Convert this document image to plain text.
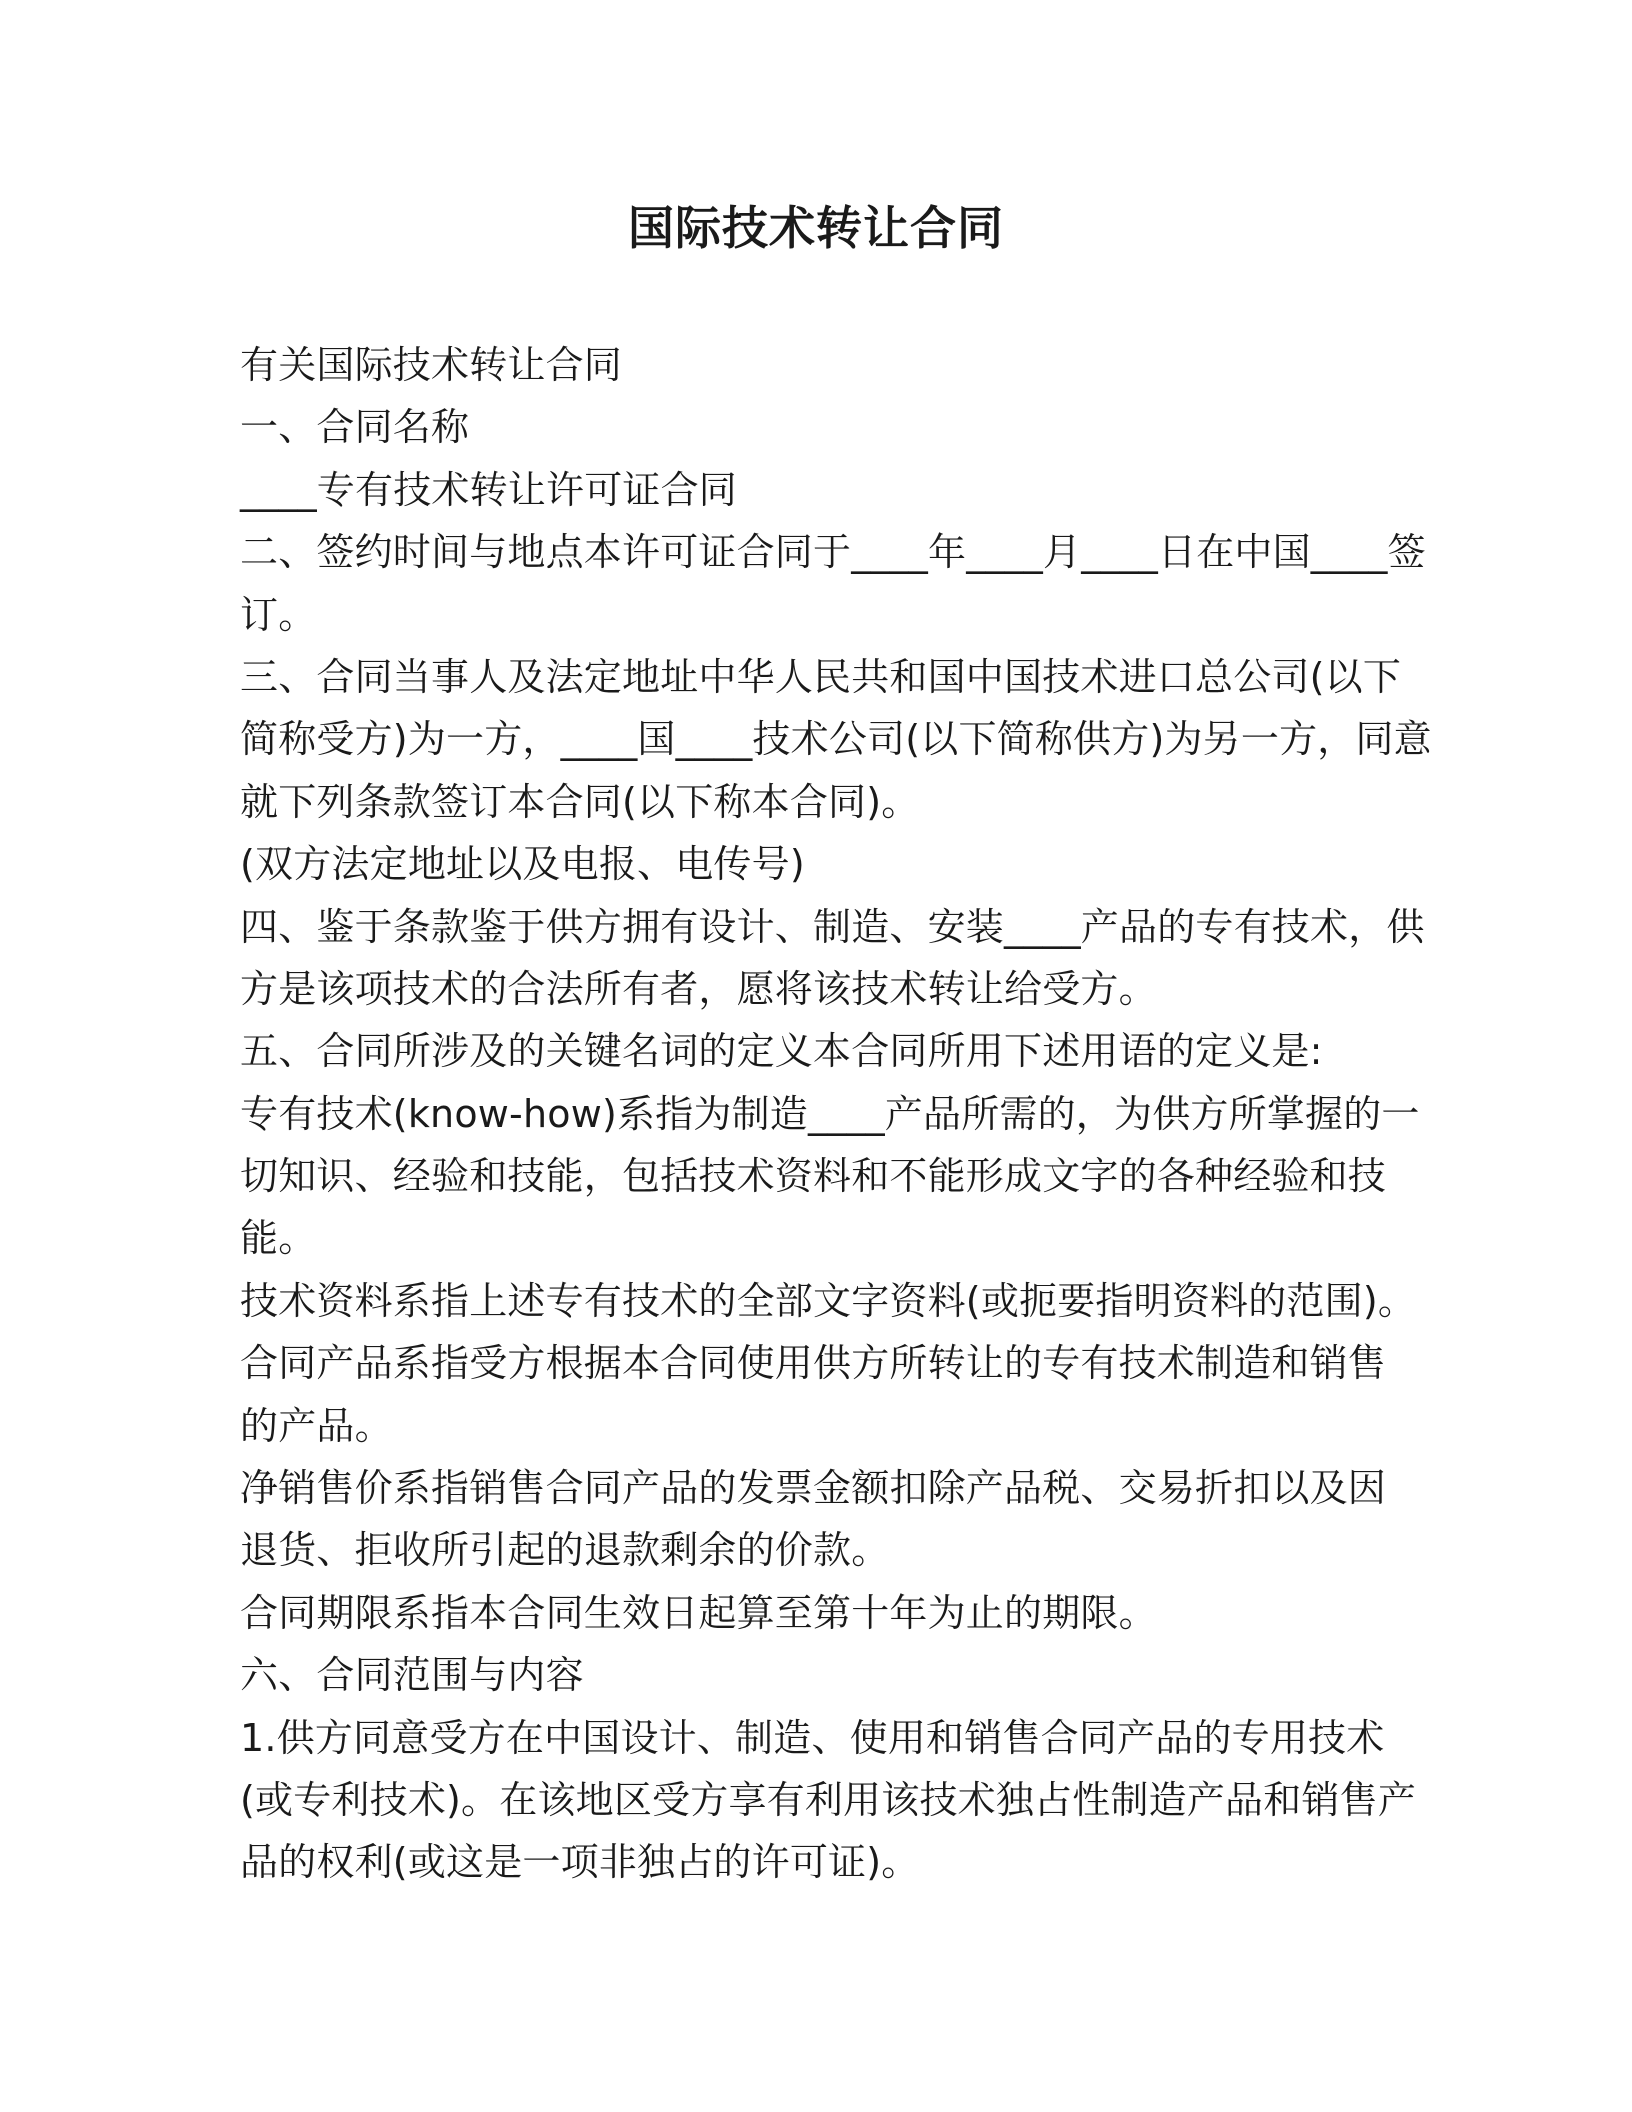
国际技术转让合同
有关国际技术转让合同
一、合同名称
____专有技术转让许可证合同
二、签约时间与地点本许可证合同于____年____月____日在中国____签
订。
三、合同当事人及法定地址中华人民共和国中国技术进口总公司(以下
简称受方)为一方，____国____技术公司(以下简称供方)为另一方，同意
就下列条款签订本合同(以下称本合同)。
(双方法定地址以及电报、电传号)
四、鉴于条款鉴于供方拥有设计、制造、安装____产品的专有技术，供
方是该项技术的合法所有者，愿将该技术转让给受方。
五、合同所涉及的关键名词的定义本合同所用下述用语的定义是:
专有技术(know-how)系指为制造____产品所需的，为供方所掌握的一
切知识、经验和技能，包括技术资料和不能形成文字的各种经验和技
能。
技术资料系指上述专有技术的全部文字资料(或扼要指明资料的范围)。
合同产品系指受方根据本合同使用供方所转让的专有技术制造和销售
的产品。
净销售价系指销售合同产品的发票金额扣除产品税、交易折扣以及因
退货、拒收所引起的退款剩余的价款。
合同期限系指本合同生效日起算至第十年为止的期限。
六、合同范围与内容
1.供方同意受方在中国设计、制造、使用和销售合同产品的专用技术
(或专利技术)。在该地区受方享有利用该技术独占性制造产品和销售产
品的权利(或这是一项非独占的许可证)。
